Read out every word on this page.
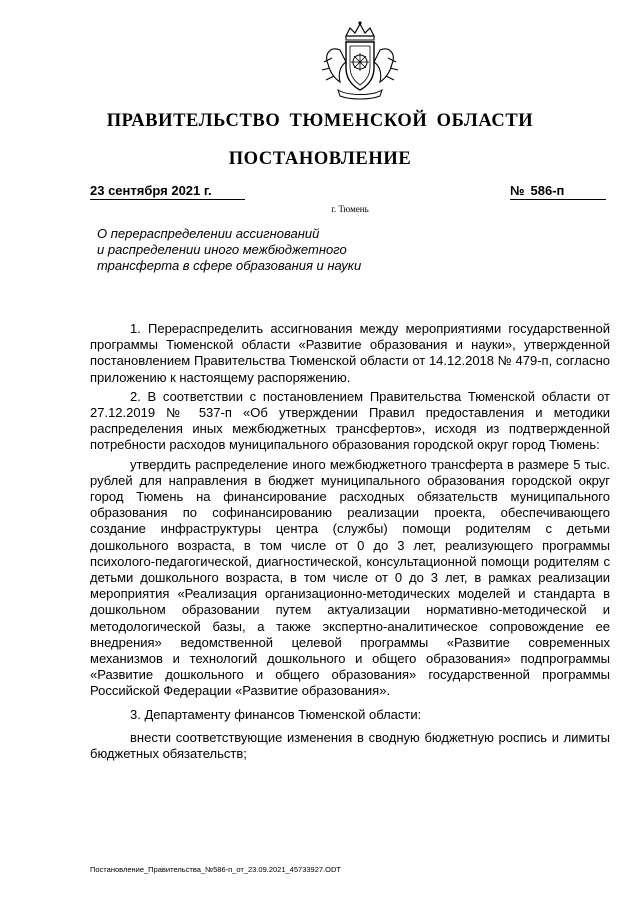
ПРАВИТЕЛЬСТВО ТЮМЕНСКОЙ ОБЛАСТИ
ПОСТАНОВЛЕНИЕ
23 сентября 2021 г.	№ 586-п
г. Тюмень
О перераспределении ассигнований
и распределении иного межбюджетного
трансферта в сфере образования и науки

1. Перераспределить ассигнования между мероприятиями государственной программы Тюменской области «Развитие образования и науки», утвержденной постановлением Правительства Тюменской области от 14.12.2018 № 479-п, согласно приложению к настоящему распоряжению.

2. В соответствии с постановлением Правительства Тюменской области от 27.12.2019 № 537-п «Об утверждении Правил предоставления и методики распределения иных межбюджетных трансфертов», исходя из подтвержденной потребности расходов муниципального образования городской округ город Тюмень:

утвердить распределение иного межбюджетного трансферта в размере 5 тыс. рублей для направления в бюджет муниципального образования городской округ город Тюмень на финансирование расходных обязательств муниципального образования по софинансированию реализации проекта, обеспечивающего создание инфраструктуры центра (службы) помощи родителям с детьми дошкольного возраста, в том числе от 0 до 3 лет, реализующего программы психолого-педагогической, диагностической, консультационной помощи родителям с детьми дошкольного возраста, в том числе от 0 до 3 лет, в рамках реализации мероприятия «Реализация организационно-методических моделей и стандарта в дошкольном образовании путем актуализации нормативно-методической и методологической базы, а также экспертно-аналитическое сопровождение ее внедрения» ведомственной целевой программы «Развитие современных механизмов и технологий дошкольного и общего образования» подпрограммы «Развитие дошкольного и общего образования» государственной программы Российской Федерации «Развитие образования».

3. Департаменту финансов Тюменской области:

внести соответствующие изменения в сводную бюджетную роспись и лимиты бюджетных обязательств;

Постановление_Правительства_№586-п_от_23.09.2021_45733927.ODT
